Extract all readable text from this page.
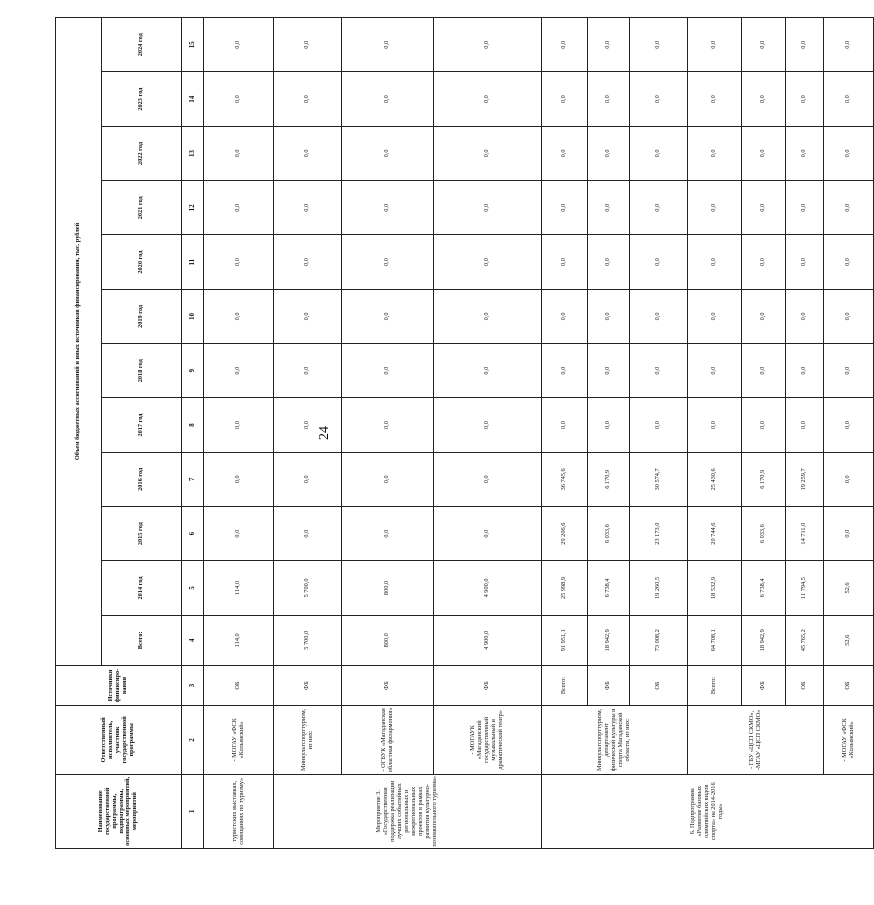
24
Наименование государственной программы, подпрограммы, основных мероприятий, мероприятий	Ответственный исполнитель, участник государственной программы	Источники финансиро-вания	Объем бюджетных ассигнований и иных источников финансирования, тыс. рублей											
			Всего:	2014 год	2015 год	2016 год	2017 год	2018 год	2019 год	2020 год	2021 год	2022 год	2023 год	2024 год
1	2	3	4	5	6	7	8	9	10	11	12	13	14	15
туристских выставках, совещаниях по туризму»	- МОГАУ «ФСК «Колымский»	ОБ	114,0	114,0	0,0	0,0	0,0	0,0	0,0	0,0	0,0	0,0	0,0	0,0
Мероприятие 3. «Государственная поддержка реализации лучших событийных региональных и межрегиональных проектов в рамках развития культурно-познавательного туризма»	Минкультспорттуризм, из них:	ФБ	5 700,0	5 700,0	0,0	0,0	0,0	0,0	0,0	0,0	0,0	0,0	0,0	0,0
	- ОГБУК «Магаданская областная филармония»	ФБ	800,0	800,0	0,0	0,0	0,0	0,0	0,0	0,0	0,0	0,0	0,0	0,0
	- МОГАУК «Магаданский государственный музыкальный и драматический театр»	ФБ	4 900,0	4 900,0	0,0	0,0	0,0	0,0	0,0	0,0	0,0	0,0	0,0	0,0
6. Подпрограмма «Развитие базовых олимпийских видов спорта» на 2014-2016 годы»	Минкультспорттуризм, департамент физической культуры и спорта Магаданской области, из них:	Всего:	91 951,1	25 998,9	29 206,6	36 745,6	0,0	0,0	0,0	0,0	0,0	0,0	0,0	0,0
		ФБ	18 942,9	6 738,4	6 033,6	6 170,9	0,0	0,0	0,0	0,0	0,0	0,0	0,0	0,0
		ОБ	73 008,2	19 260,5	23 173,0	30 574,7	0,0	0,0	0,0	0,0	0,0	0,0	0,0	0,0
	- ГБУ «ЦСП СКМО», -МГАУ «ЦСП СКМО»	Всего:	64 708,1	18 532,9	20 744,6	25 430,6	0,0	0,0	0,0	0,0	0,0	0,0	0,0	0,0
		ФБ	18 942,9	6 738,4	6 033,6	6 170,9	0,0	0,0	0,0	0,0	0,0	0,0	0,0	0,0
		ОБ	45 765,2	11 794,5	14 711,0	19 259,7	0,0	0,0	0,0	0,0	0,0	0,0	0,0	0,0
	- МОГАУ «ФСК «Колымский»	ОБ	52,6	52,6	0,0	0,0	0,0	0,0	0,0	0,0	0,0	0,0	0,0	0,0
